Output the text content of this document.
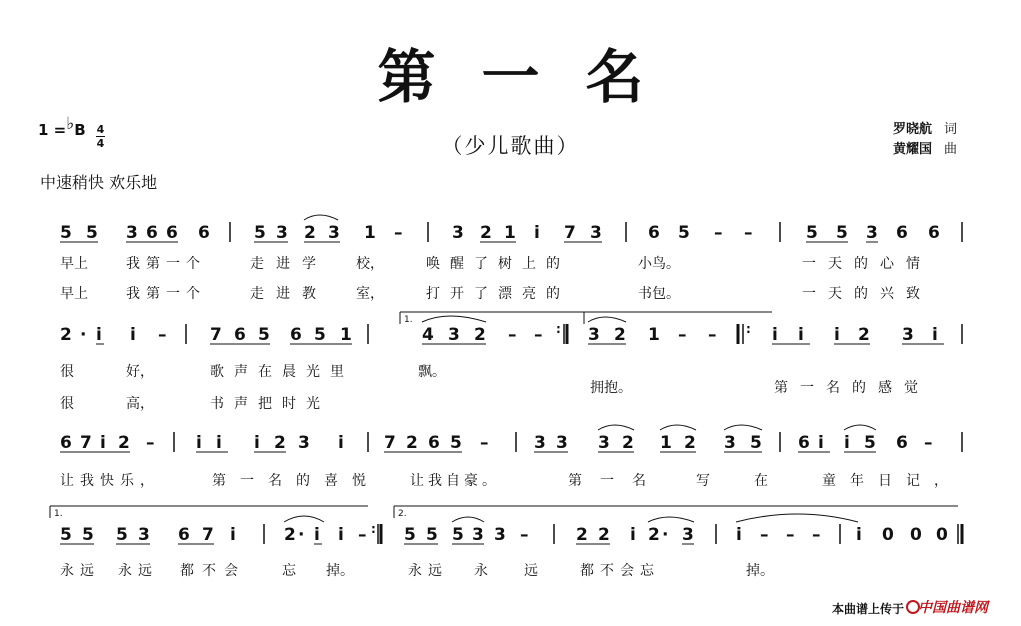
第一名
（少儿歌曲）
罗晓航 词
黄耀国 曲
1 =♭B 4
4
中速稍快 欢乐地
5 5 3 6 6 6	5 3 2 3 1 –	3 2 1 i 7 3	6 5 – –	5 5 3 6 6
早上	我第一个	走进学 校，	唤醒了树上的	小鸟。	一天的心情
早上	我第一个	走进教 室，	打开了漂亮的	书包。	一天的兴致
2 · i i –	7 6 5 6 5 1
1.
4 3 2 – – : 3 2 1 – – : i i i 2 3 i
很	好，	歌声在晨光里	飘。
拥抱。	第一名的感觉
很	高，	书声把时光
6 7 i 2 – i i i 2 3 i 7 2 6 5 –	3 3 3 2 1 2 3 5 6 i i 5 6 –
让我快乐，	第一名的喜悦 让我自豪。	第一名 写	在	童年日记，
1.
5 5 5 3 6 7 i	2 · i i – :
2.
5 5 5 3 3 –	2 2 i 2 · 3 i – – – i 0 0 0
永远 永远 都不会	忘 掉。	永远 永	远	都不会忘	掉。
本曲谱上传于 中国曲谱网
